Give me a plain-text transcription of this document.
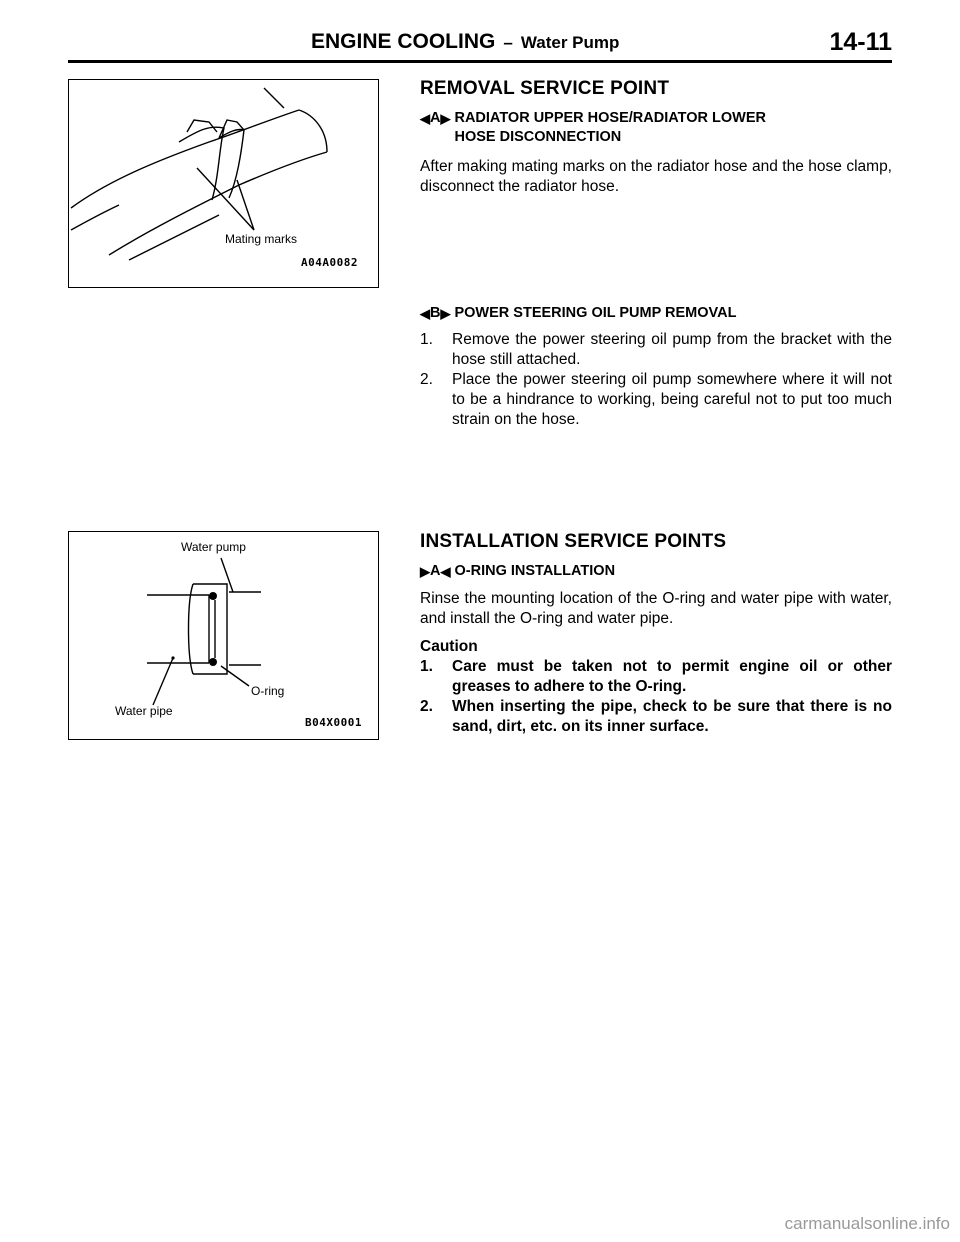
ENGINE COOLING – Water Pump	14-11
Mating marks
A04A0082
Water pump
O-ring
Water pipe
B04X0001
REMOVAL SERVICE POINT
◀ A ▶ RADIATOR UPPER HOSE/RADIATOR LOWER
HOSE DISCONNECTION

After making mating marks on the radiator hose and the hose clamp, disconnect the radiator hose.

◀ B ▶ POWER STEERING OIL PUMP REMOVAL
1.	Remove the power steering oil pump from the bracket with the hose still attached.
2.	Place the power steering oil pump somewhere where it will not to be a hindrance to working, being careful not to put too much strain on the hose.
INSTALLATION SERVICE POINTS
▶ A ◀ O-RING INSTALLATION

Rinse the mounting location of the O-ring and water pipe with water, and install the O-ring and water pipe.

Caution
1.	Care must be taken not to permit engine oil or other greases to adhere to the O-ring.
2.	When inserting the pipe, check to be sure that there is no sand, dirt, etc. on its inner surface.
carmanualsonline.info
